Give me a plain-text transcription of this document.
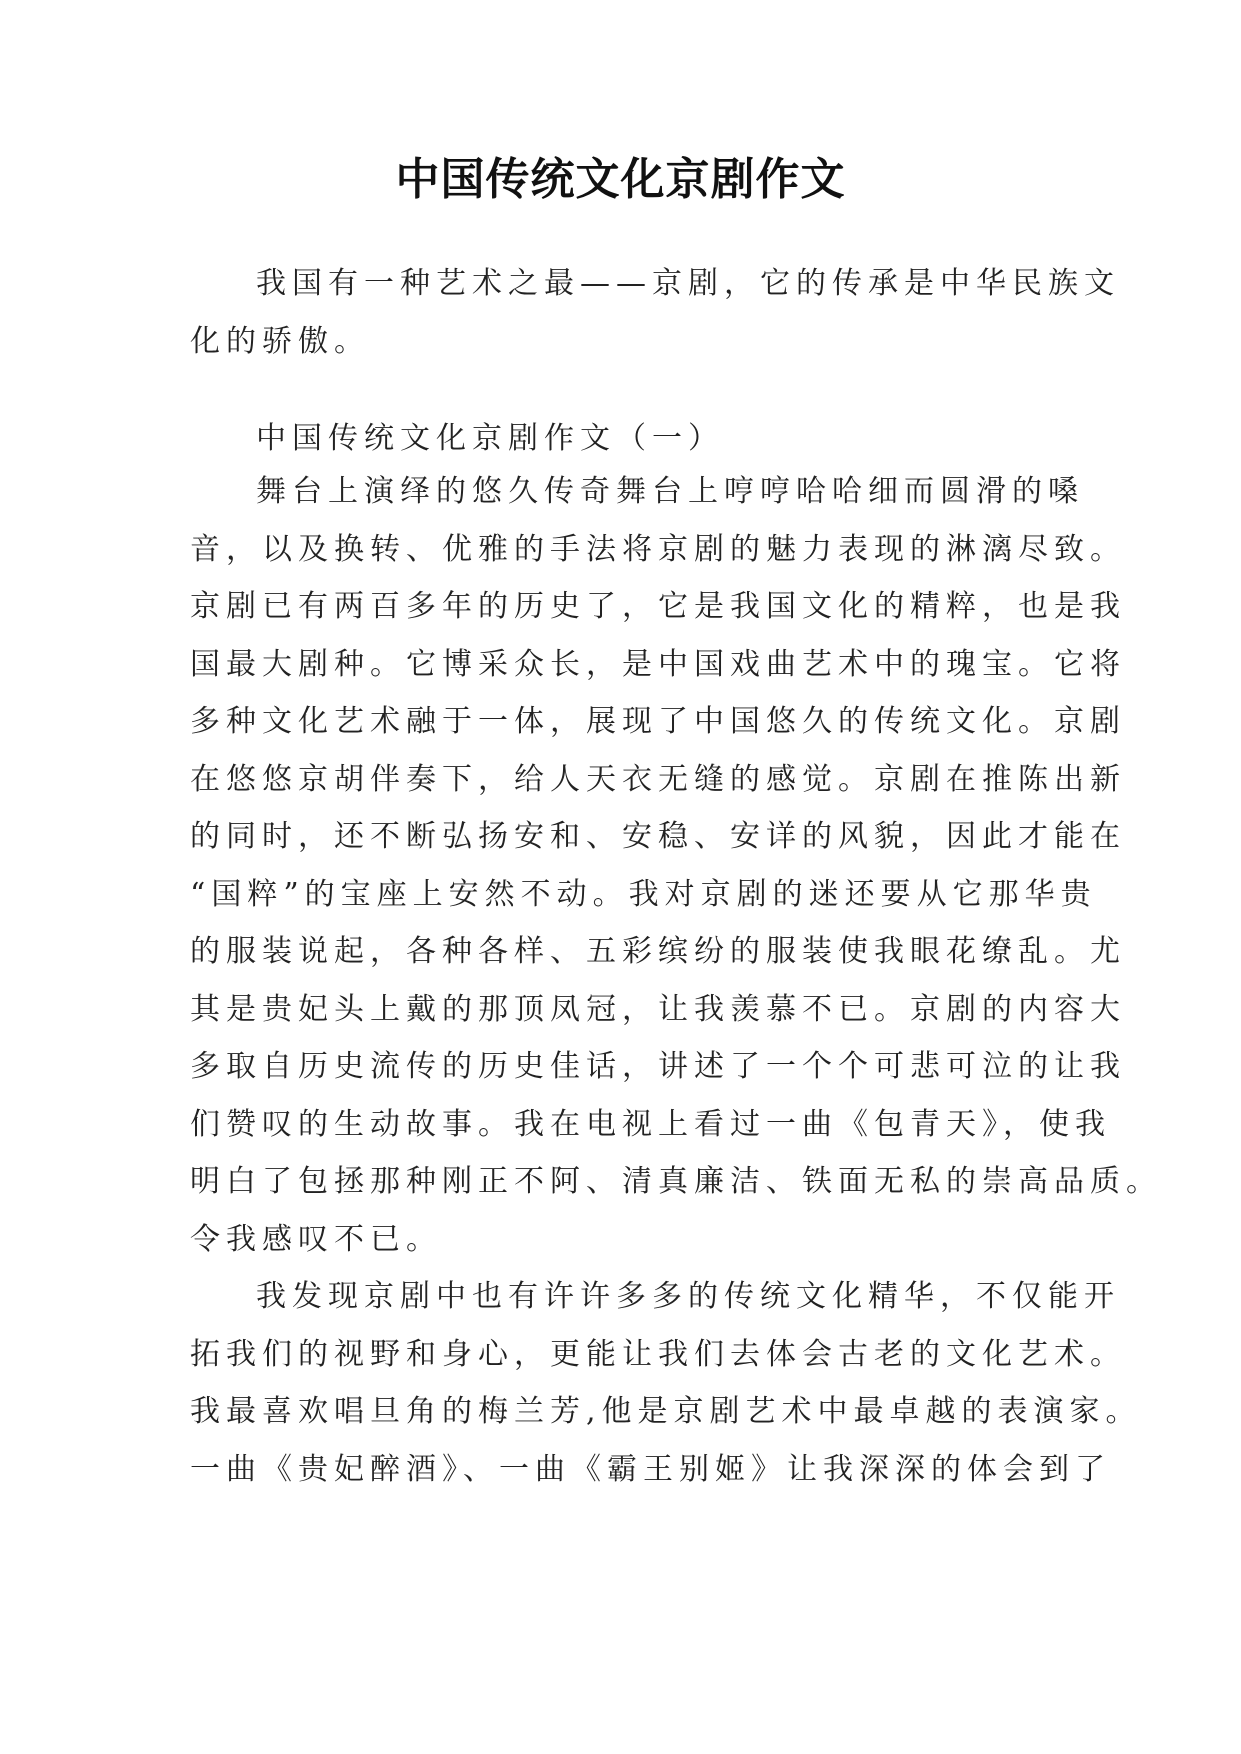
中国传统文化京剧作文
我国有一种艺术之最——京剧，它的传承是中华民族文
化的骄傲。
中国传统文化京剧作文（一）
舞台上演绎的悠久传奇舞台上哼哼哈哈细而圆滑的嗓
音，以及换转、优雅的手法将京剧的魅力表现的淋漓尽致。
京剧已有两百多年的历史了，它是我国文化的精粹，也是我
国最大剧种。它博采众长，是中国戏曲艺术中的瑰宝。它将
多种文化艺术融于一体，展现了中国悠久的传统文化。京剧
在悠悠京胡伴奏下，给人天衣无缝的感觉。京剧在推陈出新
的同时，还不断弘扬安和、安稳、安详的风貌，因此才能在
“国粹”的宝座上安然不动。我对京剧的迷还要从它那华贵
的服装说起，各种各样、五彩缤纷的服装使我眼花缭乱。尤
其是贵妃头上戴的那顶凤冠，让我羡慕不已。京剧的内容大
多取自历史流传的历史佳话，讲述了一个个可悲可泣的让我
们赞叹的生动故事。我在电视上看过一曲《包青天》，使我
明白了包拯那种刚正不阿、清真廉洁、铁面无私的崇高品质。
令我感叹不已。
我发现京剧中也有许许多多的传统文化精华，不仅能开
拓我们的视野和身心，更能让我们去体会古老的文化艺术。
我最喜欢唱旦角的梅兰芳,他是京剧艺术中最卓越的表演家。
一曲《贵妃醉酒》、一曲《霸王别姬》让我深深的体会到了
